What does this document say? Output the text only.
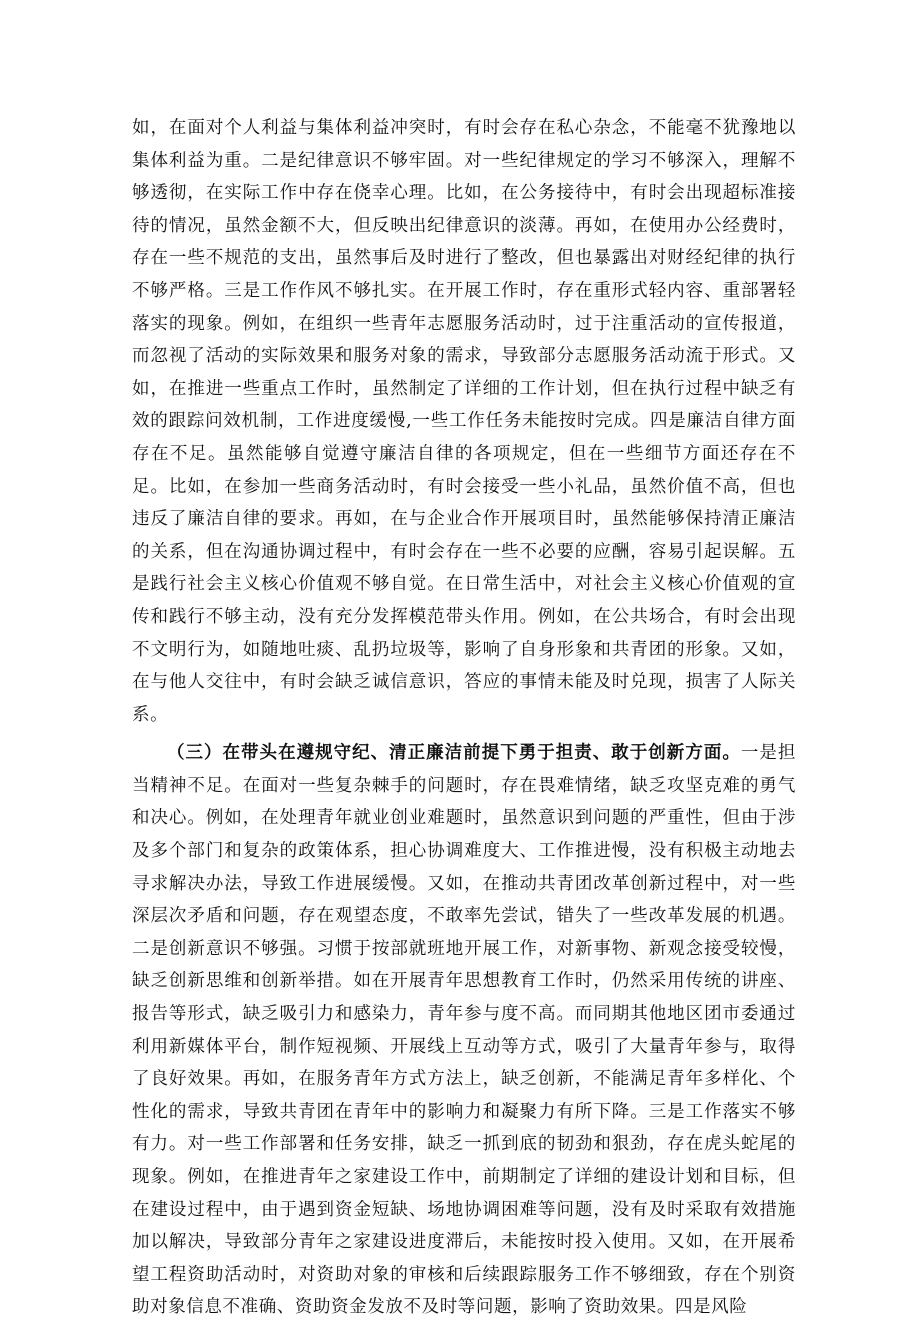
如，在面对个人利益与集体利益冲突时，有时会存在私心杂念，不能毫不犹豫地以集体利益为重。二是纪律意识不够牢固。对一些纪律规定的学习不够深入，理解不够透彻，在实际工作中存在侥幸心理。比如，在公务接待中，有时会出现超标准接待的情况，虽然金额不大，但反映出纪律意识的淡薄。再如，在使用办公经费时，存在一些不规范的支出，虽然事后及时进行了整改，但也暴露出对财经纪律的执行不够严格。三是工作作风不够扎实。在开展工作时，存在重形式轻内容、重部署轻落实的现象。例如，在组织一些青年志愿服务活动时，过于注重活动的宣传报道，而忽视了活动的实际效果和服务对象的需求，导致部分志愿服务活动流于形式。又如，在推进一些重点工作时，虽然制定了详细的工作计划，但在执行过程中缺乏有效的跟踪问效机制，工作进度缓慢,一些工作任务未能按时完成。四是廉洁自律方面存在不足。虽然能够自觉遵守廉洁自律的各项规定，但在一些细节方面还存在不足。比如，在参加一些商务活动时，有时会接受一些小礼品，虽然价值不高，但也违反了廉洁自律的要求。再如，在与企业合作开展项目时，虽然能够保持清正廉洁的关系，但在沟通协调过程中，有时会存在一些不必要的应酬，容易引起误解。五是践行社会主义核心价值观不够自觉。在日常生活中，对社会主义核心价值观的宣传和践行不够主动，没有充分发挥模范带头作用。例如，在公共场合，有时会出现不文明行为，如随地吐痰、乱扔垃圾等，影响了自身形象和共青团的形象。又如，在与他人交往中，有时会缺乏诚信意识，答应的事情未能及时兑现，损害了人际关系。

（三）在带头在遵规守纪、清正廉洁前提下勇于担责、敢于创新方面。一是担当精神不足。在面对一些复杂棘手的问题时，存在畏难情绪，缺乏攻坚克难的勇气和决心。例如，在处理青年就业创业难题时，虽然意识到问题的严重性，但由于涉及多个部门和复杂的政策体系，担心协调难度大、工作推进慢，没有积极主动地去寻求解决办法，导致工作进展缓慢。又如，在推动共青团改革创新过程中，对一些深层次矛盾和问题，存在观望态度，不敢率先尝试，错失了一些改革发展的机遇。二是创新意识不够强。习惯于按部就班地开展工作，对新事物、新观念接受较慢，缺乏创新思维和创新举措。如在开展青年思想教育工作时，仍然采用传统的讲座、报告等形式，缺乏吸引力和感染力，青年参与度不高。而同期其他地区团市委通过利用新媒体平台，制作短视频、开展线上互动等方式，吸引了大量青年参与，取得了良好效果。再如，在服务青年方式方法上，缺乏创新，不能满足青年多样化、个性化的需求，导致共青团在青年中的影响力和凝聚力有所下降。三是工作落实不够有力。对一些工作部署和任务安排，缺乏一抓到底的韧劲和狠劲，存在虎头蛇尾的现象。例如，在推进青年之家建设工作中，前期制定了详细的建设计划和目标，但在建设过程中，由于遇到资金短缺、场地协调困难等问题，没有及时采取有效措施加以解决，导致部分青年之家建设进度滞后，未能按时投入使用。又如，在开展希望工程资助活动时，对资助对象的审核和后续跟踪服务工作不够细致，存在个别资助对象信息不准确、资助资金发放不及时等问题，影响了资助效果。四是风险
